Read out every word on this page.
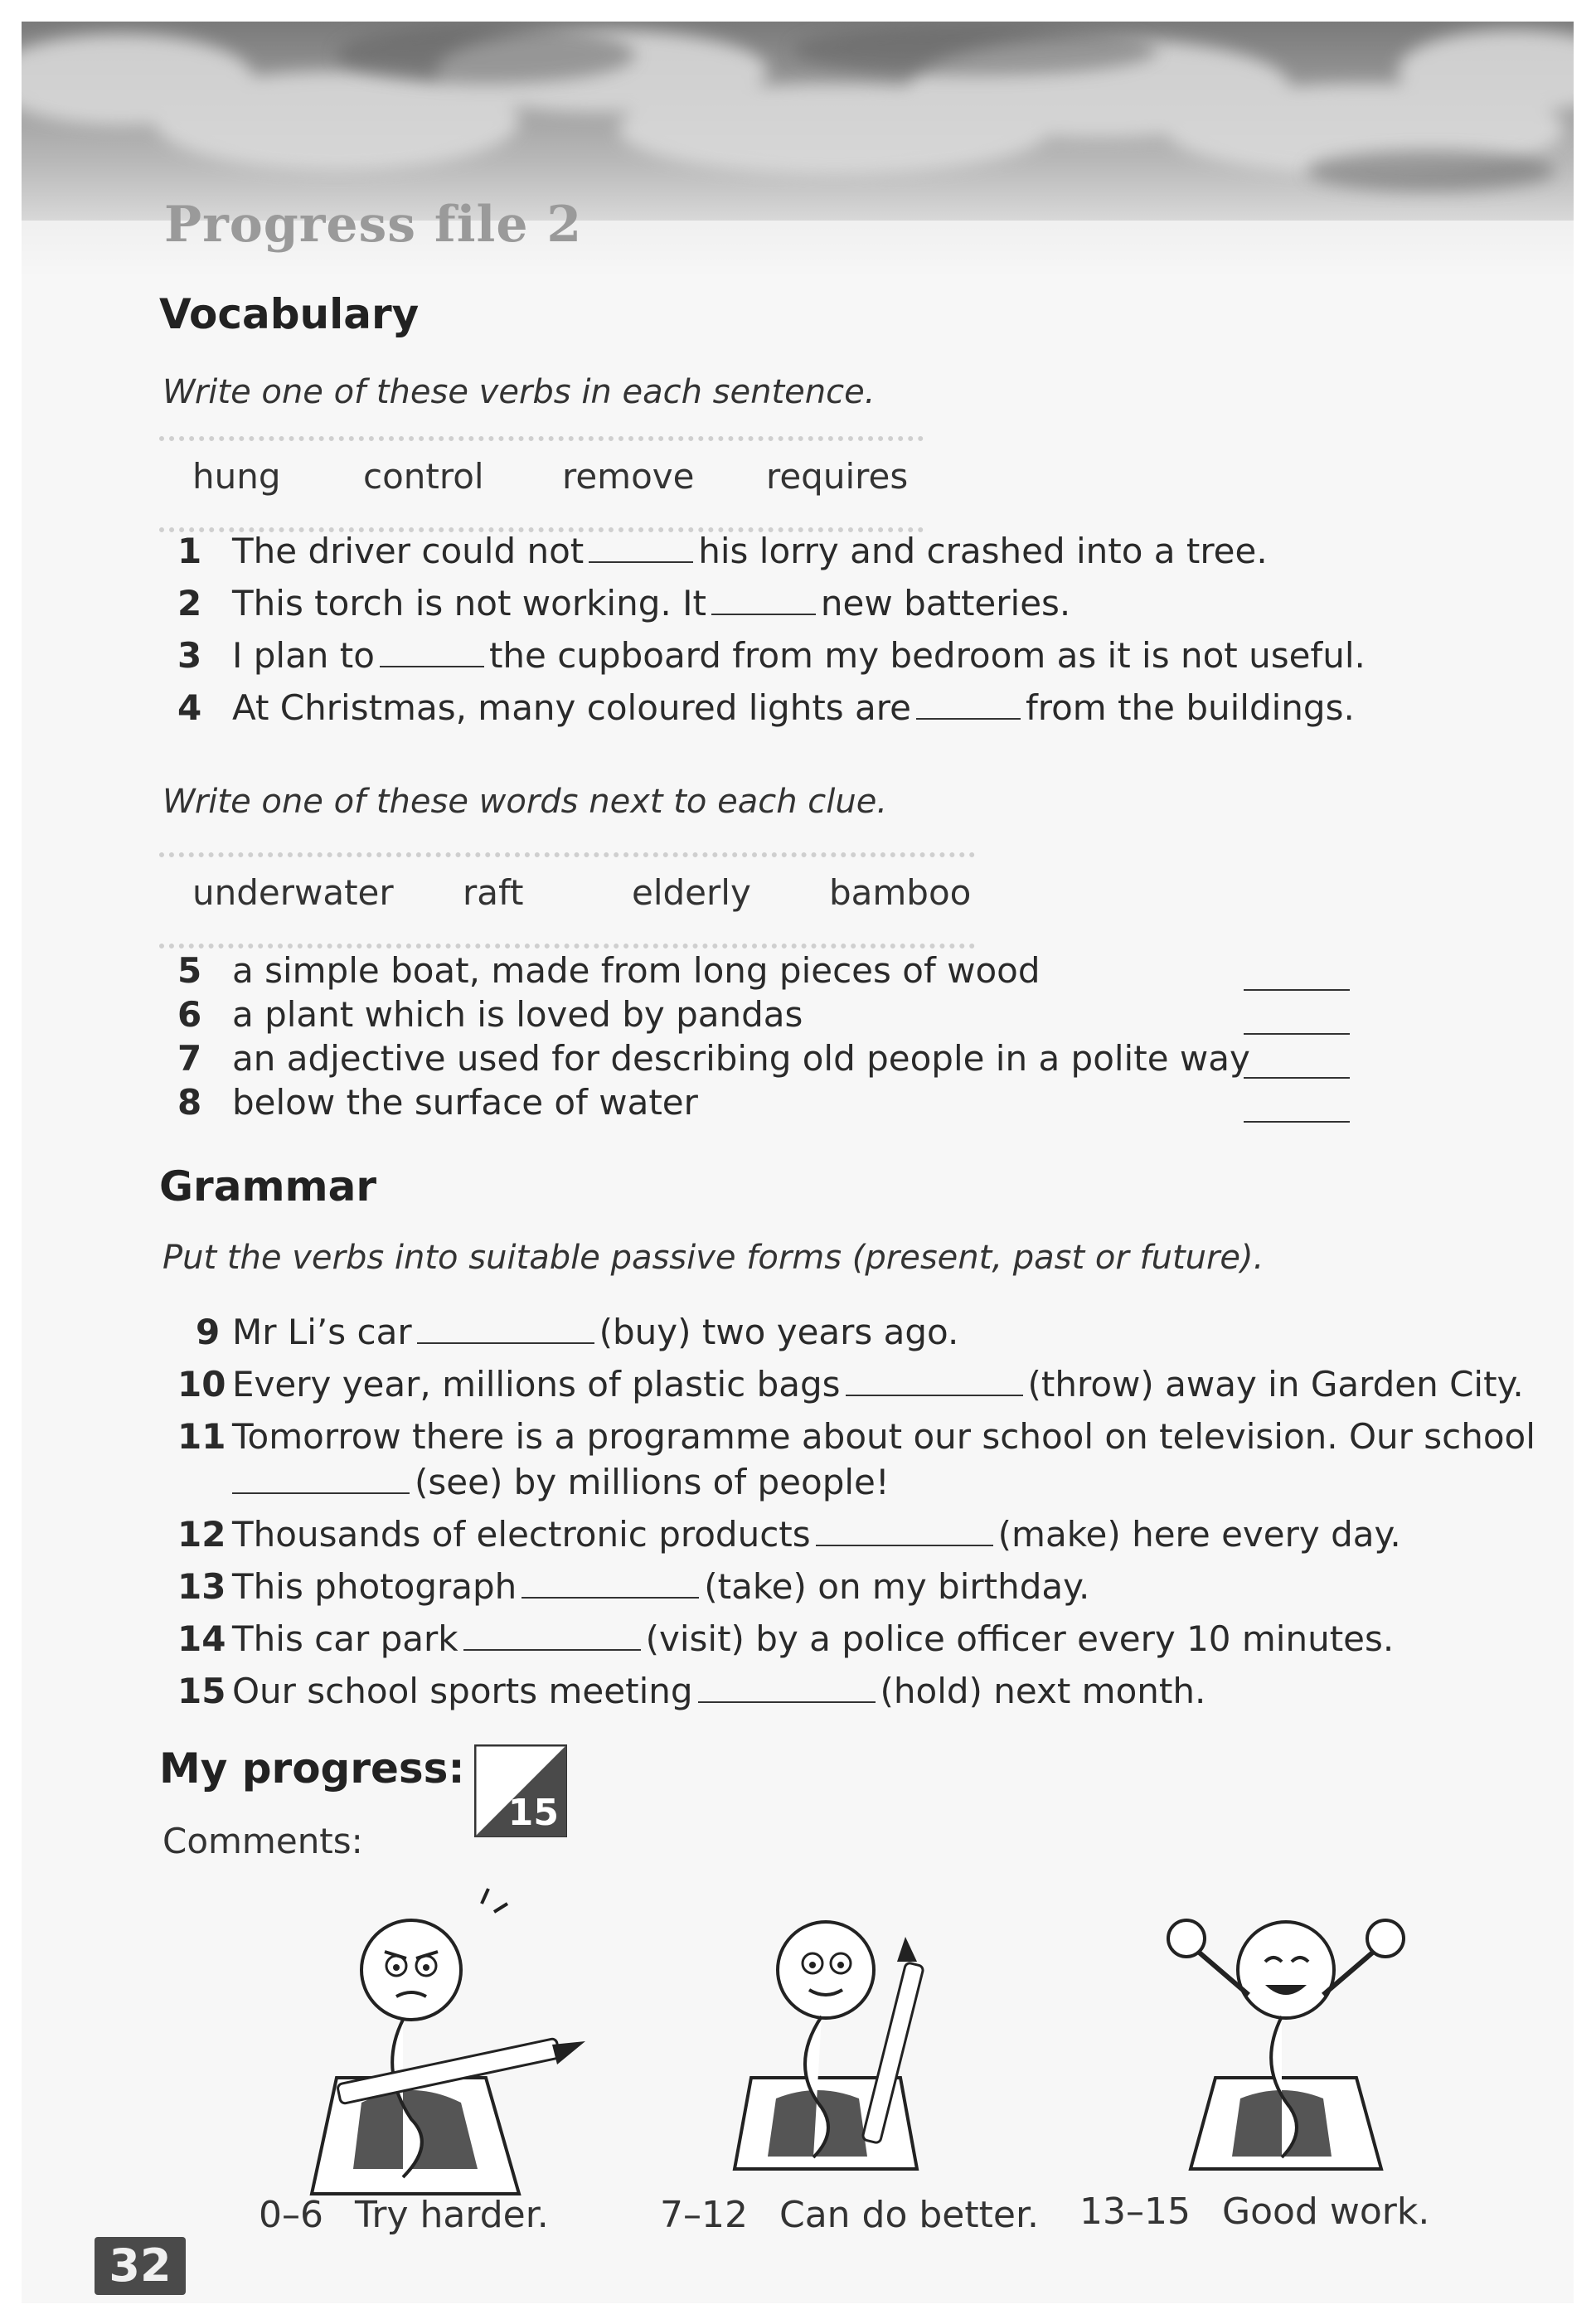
Progress file 2
Vocabulary
Write one of these verbs in each sentence.
hung control remove requires
1 The driver could not	his lorry and crashed into a tree.
2 This torch is not working. It	new batteries.
3 I plan to	the cupboard from my bedroom as it is not useful.
4 At Christmas, many coloured lights are	from the buildings.
Write one of these words next to each clue.
underwater raft	elderly bamboo
5 a simple boat, made from long pieces of wood
6 a plant which is loved by pandas
7 an adjective used for describing old people in a polite way
8 below the surface of water
Grammar
Put the verbs into suitable passive forms (present, past or future).
9 Mr Li’s car	(buy) two years ago.
10 Every year, millions of plastic bags	(throw) away in Garden City.
11 Tomorrow there is a programme about our school on television. Our school
(see) by millions of people!
12 Thousands of electronic products	(make) here every day.
13 This photograph	(take) on my birthday.
14 This car park	(visit) by a police officer every 10 minutes.
15 Our school sports meeting	(hold) next month.
My progress:
15
Comments:
0–6 Try harder.	7–12 Can do better. 13–15 Good work.
32
